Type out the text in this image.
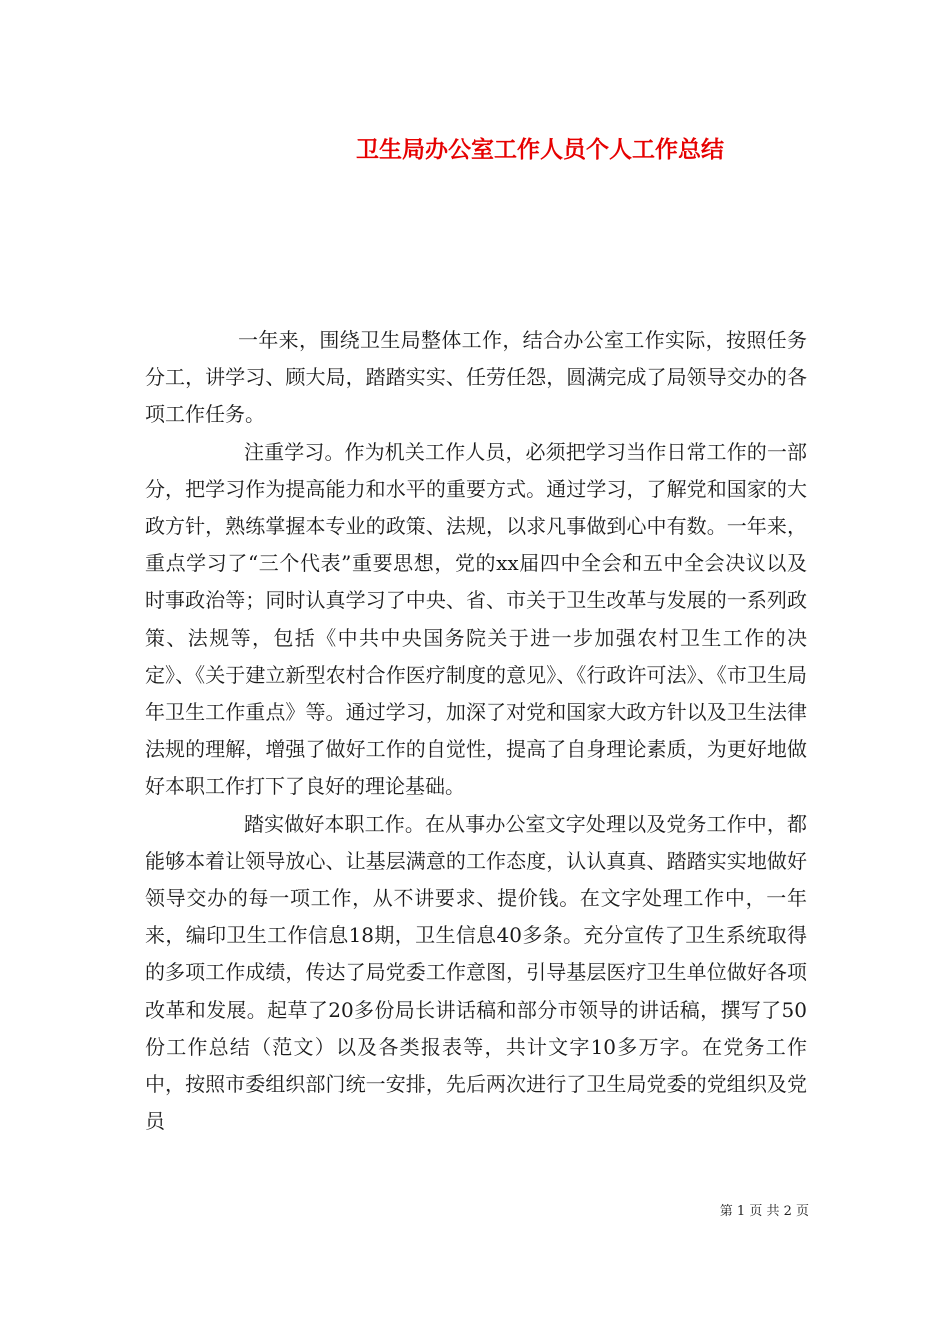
卫生局办公室工作人员个人工作总结

一年来，围绕卫生局整体工作，结合办公室工作实际，按照任务分工，讲学习、顾大局，踏踏实实、任劳任怨，圆满完成了局领导交办的各项工作任务。

注重学习。作为机关工作人员，必须把学习当作日常工作的一部分，把学习作为提高能力和水平的重要方式。通过学习，了解党和国家的大政方针，熟练掌握本专业的政策、法规，以求凡事做到心中有数。一年来，重点学习了“三个代表”重要思想，党的xx届四中全会和五中全会决议以及时事政治等；同时认真学习了中央、省、市关于卫生改革与发展的一系列政策、法规等，包括《中共中央国务院关于进一步加强农村卫生工作的决定》、《关于建立新型农村合作医疗制度的意见》、《行政许可法》、《市卫生局年卫生工作重点》等。通过学习，加深了对党和国家大政方针以及卫生法律法规的理解，增强了做好工作的自觉性，提高了自身理论素质，为更好地做好本职工作打下了良好的理论基础。

踏实做好本职工作。在从事办公室文字处理以及党务工作中，都能够本着让领导放心、让基层满意的工作态度，认认真真、踏踏实实地做好领导交办的每一项工作，从不讲要求、提价钱。在文字处理工作中，一年来，编印卫生工作信息18期，卫生信息40多条。充分宣传了卫生系统取得的多项工作成绩，传达了局党委工作意图，引导基层医疗卫生单位做好各项改革和发展。起草了20多份局长讲话稿和部分市领导的讲话稿，撰写了50份工作总结（范文）以及各类报表等，共计文字10多万字。在党务工作中，按照市委组织部门统一安排，先后两次进行了卫生局党委的党组织及党员

第 1 页 共 2 页
